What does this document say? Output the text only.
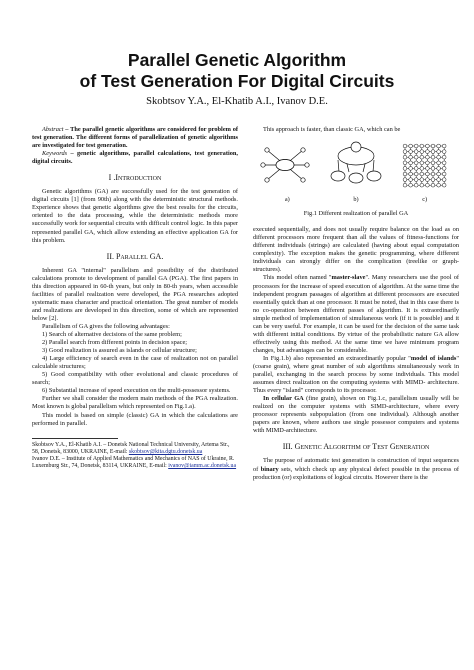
Parallel Genetic Algorithm
of Test Generation For Digital Circuits
Skobtsov Y.A., El-Khatib A.I., Ivanov D.E.

Abstract – The parallel genetic algorithms are considered for problem of test generation. The different forms of parallelization of genetic algorithms are investigated for test generation.

Keywords – genetic algorithms, parallel calculations, test generation, digital circuits.

I .Introduction

Genetic algorithms (GA) are successfully used for the test generation of digital circuits [1] (from 90th) along with the deterministic structural methods. Experience shows that genetic algorithms give the best results for the circuits, oriented to the data processing, while the deterministic methods more successfully work for sequential circuits with difficult control logic. In this paper represented parallel GA, which allow extending an effective application GA for this problem.

II. Parallel GA.

Inherent GA "internal" parallelism and possibility of the distributed calculations promote to development of parallel GA (PGA). The first papers in this direction appeared in 60-th years, but only in 80-th years, when accessible facilities of parallel realization were developed, the PGA researches adopted systematic mass character and practical orientation. The great number of models and realizations are developed in this direction, some of which are represented below [2].

Parallelism of GA gives the following advantages:

1) Search of alternative decisions of the same problem;

2) Parallel search from different points in decision space;

3) Good realization is assured as islands or cellular structure;

4) Large efficiency of search even in the case of realization not on parallel calculable structures;

5) Good compatibility with other evolutional and classic procedures of search;

6) Substantial increase of speed execution on the multi-possessor systems.

Further we shall consider the modern main methods of the PGA realization. Most known is global parallelism which represented on Fig.1.a).

This model is based on simple (classic) GA in which the calculations are performed in parallel.

Skobtsov Y.A., El-Khatib A.I. – Donetsk National Technical University, Artema Str., 58, Donetsk, 83000, UKRAINE, E-mail: skobtsov@kita.dgtu.donetsk.ua

Ivanov D.E. – Institute of Applied Mathematics and Mechanics of NAS of Ukraine, R. Luxemburg Str., 74, Donetsk, 83114, UKRAINE, E-mail: ivanov@iamm.ac.donetsk.ua

This approach is faster, than classic GA, which can be

a)	b)	c)

Fig.1 Different realization of parallel GA

executed sequentially, and does not usually require balance on the load as on different processors more frequent than all the values of fitness-functions for different individuals (strings) are calculated (having about equal computation complexity). The exception makes the genetic programming, where different individuals can strongly differ on the complication (treelike or graph- structures).

This model often named "master-slave". Many researchers use the pool of processors for the increase of speed execution of algorithm. At the same time the independent program passages of algorithm at different processors are executed essentially quick than at one processor. It must be noted, that in this case there is no co-operation between different passes of algorithm. It is extraordinarily simple method of implementation of simultaneous work (if it is possible) and it can be very useful. For example, it can be used for the decision of the same task with different initial conditions. By virtue of the probabilistic nature GA allow effectively using this method. At the same time we have minimum program changes, but advantages can be considerable.

In Fig.1.b) also represented an extraordinarily popular "model of islands" (coarse grain), where great number of sub algorithms simultaneously work in parallel, exchanging in the search process by some individuals. This model assumes direct realization on the computing systems with MIMD- architecture. Thus every "island" corresponds to its processor.

In cellular GA (fine grain), shown on Fig.1.c, parallelism usually will be realized on the computer systems with SIMD-architecture, where every processor represents subpopulation (from one individual). Although another papers are known, where authors use single possessor computers and systems with MIMD-architecture.

III. Genetic Algorithm of Test Generation

The purpose of automatic test generation is construction of input sequences of binary sets, which check up any physical defect possible in the process of production (or) exploitations of logical circuits. However there is the
